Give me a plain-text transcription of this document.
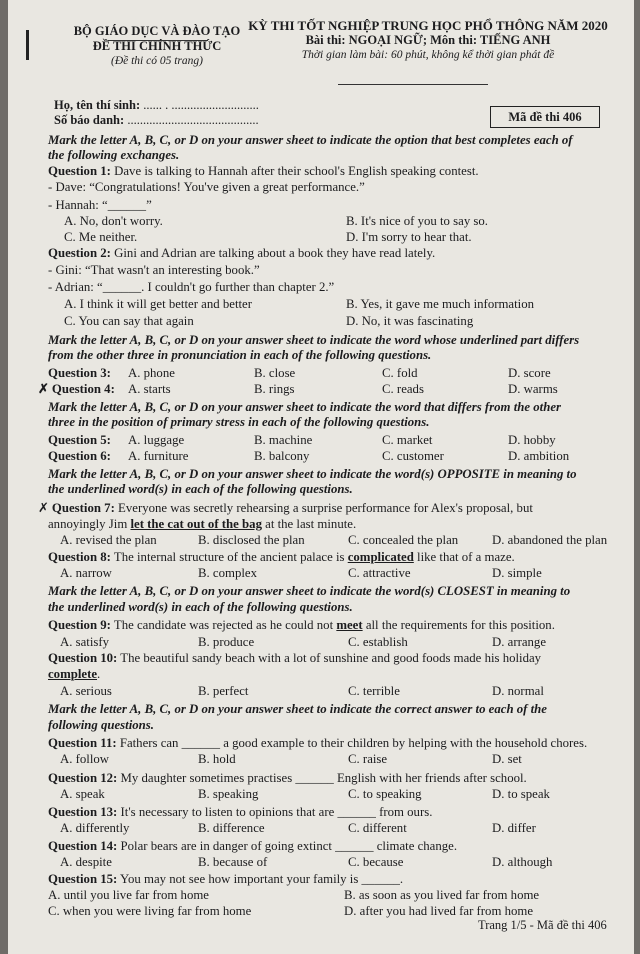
BỘ GIÁO DỤC VÀ ĐÀO TẠO
ĐỀ THI CHÍNH THỨC
(Đề thi có 05 trang)
KỲ THI TỐT NGHIỆP TRUNG HỌC PHỔ THÔNG NĂM 2020
Bài thi: NGOẠI NGỮ; Môn thi: TIẾNG ANH
Thời gian làm bài: 60 phút, không kể thời gian phát đề
Họ, tên thí sinh: ...... . ............................
Số báo danh: ..........................................	Mã đề thi 406
Mark the letter A, B, C, or D on your answer sheet to indicate the option that best completes each of
the following exchanges.
Question 1: Dave is talking to Hannah after their school's English speaking contest.
- Dave: “Congratulations! You've given a great performance.”
- Hannah: “______”
A. No, don't worry.	B. It's nice of you to say so.
C. Me neither.	D. I'm sorry to hear that.
Question 2: Gini and Adrian are talking about a book they have read lately.
- Gini: “That wasn't an interesting book.”
- Adrian: “______. I couldn't go further than chapter 2.”
A. I think it will get better and better	B. Yes, it gave me much information
C. You can say that again	D. No, it was fascinating
Mark the letter A, B, C, or D on your answer sheet to indicate the word whose underlined part differs
from the other three in pronunciation in each of the following questions.
Question 3: A. phone	B. close	C. fold	D. score
✗ Question 4: A. starts	B. rings	C. reads	D. warms
Mark the letter A, B, C, or D on your answer sheet to indicate the word that differs from the other
three in the position of primary stress in each of the following questions.
Question 5: A. luggage	B. machine	C. market	D. hobby
Question 6: A. furniture	B. balcony	C. customer	D. ambition
Mark the letter A, B, C, or D on your answer sheet to indicate the word(s) OPPOSITE in meaning to
the underlined word(s) in each of the following questions.
✗ Question 7: Everyone was secretly rehearsing a surprise performance for Alex's proposal, but
annoyingly Jim let the cat out of the bag at the last minute.
A. revised the plan	B. disclosed the plan	C. concealed the plan	D. abandoned the plan
Question 8: The internal structure of the ancient palace is complicated like that of a maze.
A. narrow	B. complex	C. attractive	D. simple
Mark the letter A, B, C, or D on your answer sheet to indicate the word(s) CLOSEST in meaning to
the underlined word(s) in each of the following questions.
Question 9: The candidate was rejected as he could not meet all the requirements for this position.
A. satisfy	B. produce	C. establish	D. arrange
Question 10: The beautiful sandy beach with a lot of sunshine and good foods made his holiday
complete.
A. serious	B. perfect	C. terrible	D. normal
Mark the letter A, B, C, or D on your answer sheet to indicate the correct answer to each of the
following questions.
Question 11: Fathers can ______ a good example to their children by helping with the household chores.
A. follow	B. hold	C. raise	D. set
Question 12: My daughter sometimes practises ______ English with her friends after school.
A. speak	B. speaking	C. to speaking	D. to speak
Question 13: It's necessary to listen to opinions that are ______ from ours.
A. differently	B. difference	C. different	D. differ
Question 14: Polar bears are in danger of going extinct ______ climate change.
A. despite	B. because of	C. because	D. although
Question 15: You may not see how important your family is ______.
A. until you live far from home	B. as soon as you lived far from home
C. when you were living far from home	D. after you had lived far from home
Trang 1/5 - Mã đề thi 406
